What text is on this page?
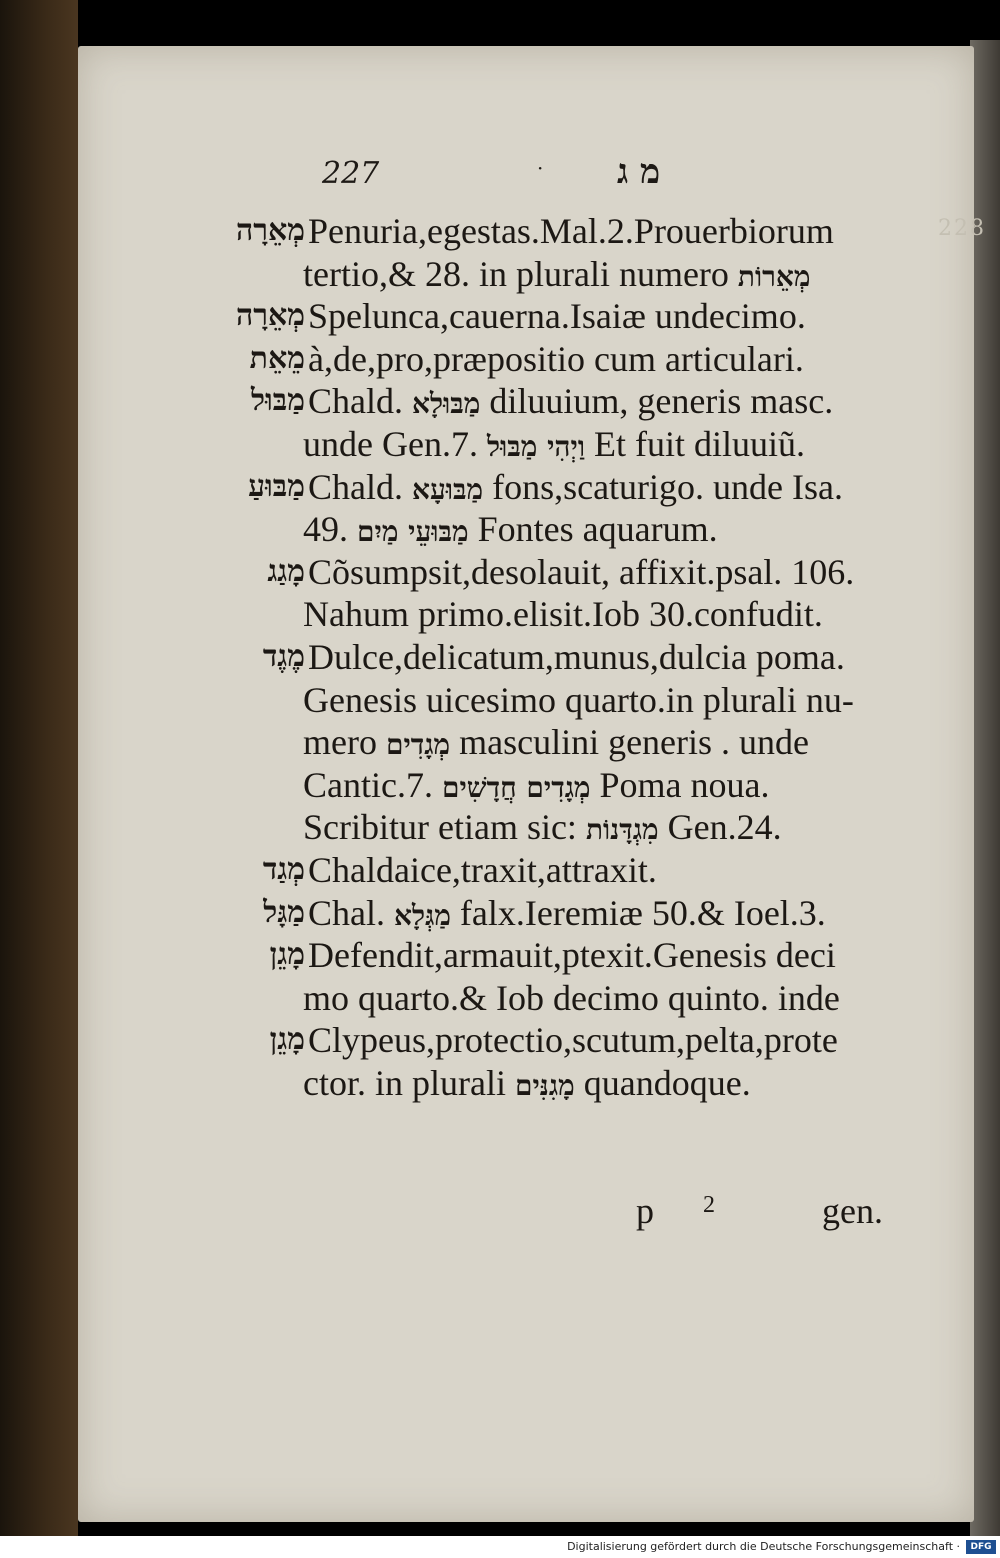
228
227	· מ ג
מְאֵרָה Penuria,egestas.Mal.2.Prouerbiorum
tertio,& 28. in plurali numero מְאֵרוֹת
מְאֵרָה Spelunca,cauerna.Isaiæ undecimo.
מֵאֵת à,de,pro,præpositio cum articulari.
מַבּוּל Chald. מַבּוּלָא diluuium, generis masc.
unde Gen.7. וַיְהִי מַבּוּל Et fuit diluuiũ.
מַבּוּעַ Chald. מַבּוּעָא fons,scaturigo. unde Isa.
49. מַבּוּעֵי מַיִם Fontes aquarum.
מָגַג Cõsumpsit,desolauit, affixit.psal. 106.
Nahum primo.elisit.Iob 30.confudit.
מֶגֶד Dulce,delicatum,munus,dulcia poma.
Genesis uicesimo quarto.in plurali nu-
mero מְגָדִים masculini generis . unde
Cantic.7. מְגָדִים חֲדָשִׁים Poma noua.
Scribitur etiam sic: מִגְדָּנוֹת Gen.24.
מְגַד Chaldaice,traxit,attraxit.
מַגָּל Chal. מַגְּלָא falx.Ieremiæ 50.& Ioel.3.
מָגֵן Defendit,armauit,ptexit.Genesis deci
mo quarto.& Iob decimo quinto. inde
מָגֵן Clypeus,protectio,scutum,pelta,prote
ctor. in plurali מָגִנִּים quandoque.
p 2	gen.
Digitalisierung gefördert durch die Deutsche Forschungsgemeinschaft ·	DFG
